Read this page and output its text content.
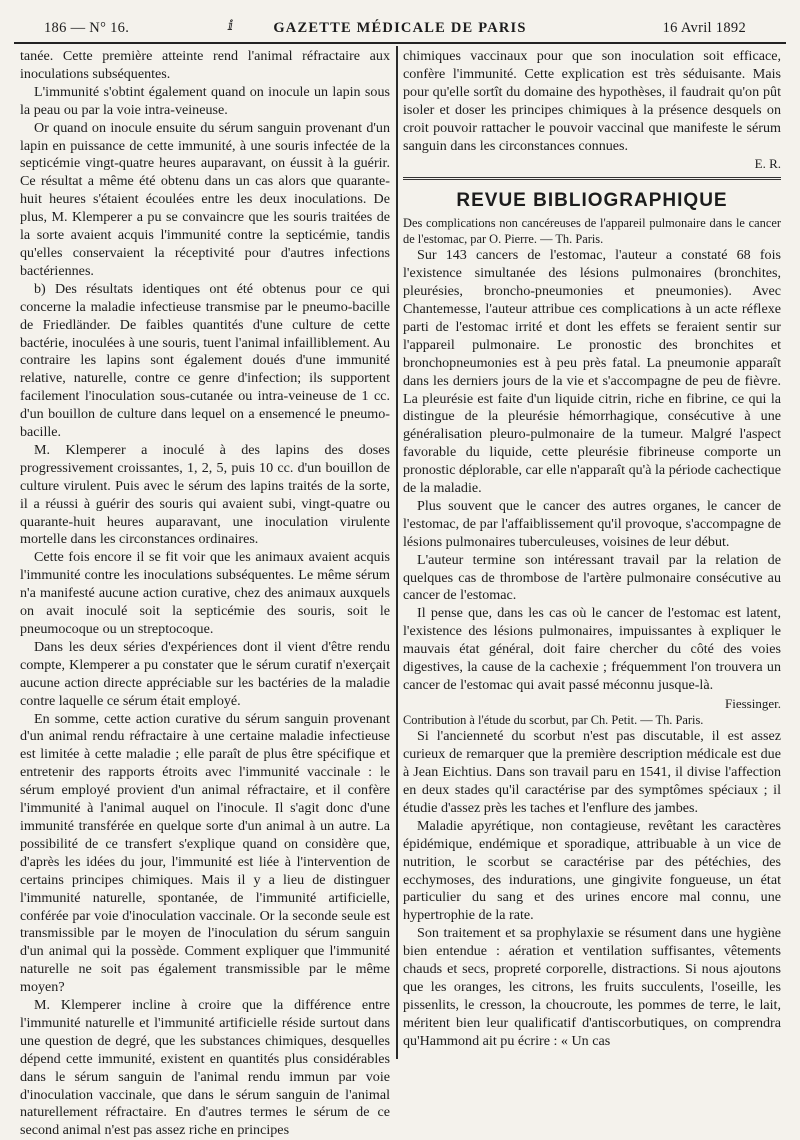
186 — N° 16.	ⅈ	GAZETTE MÉDICALE DE PARIS	16 Avril 1892

tanée. Cette première atteinte rend l'animal réfractaire aux inoculations subséquentes.

L'immunité s'obtint également quand on inocule un lapin sous la peau ou par la voie intra-veineuse.

Or quand on inocule ensuite du sérum sanguin provenant d'un lapin en puissance de cette immunité, à une souris infectée de la septicémie vingt-quatre heures auparavant, on éussit à la guérir. Ce résultat a même été obtenu dans un cas alors que quarante-huit heures s'étaient écoulées entre les deux inoculations. De plus, M. Klemperer a pu se convaincre que les souris traitées de la sorte avaient acquis l'immunité contre la septicémie, tandis qu'elles conservaient la réceptivité pour d'autres infections bactériennes.

b) Des résultats identiques ont été obtenus pour ce qui concerne la maladie infectieuse transmise par le pneumo-bacille de Friedländer. De faibles quantités d'une culture de cette bactérie, inoculées à une souris, tuent l'animal infailliblement. Au contraire les lapins sont également doués d'une immunité relative, naturelle, contre ce genre d'infection; ils supportent facilement l'inoculation sous-cutanée ou intra-veineuse de 1 cc. d'un bouillon de culture dans lequel on a ensemencé le pneumo-bacille.

M. Klemperer a inoculé à des lapins des doses progressivement croissantes, 1, 2, 5, puis 10 cc. d'un bouillon de culture virulent. Puis avec le sérum des lapins traités de la sorte, il a réussi à guérir des souris qui avaient subi, vingt-quatre ou quarante-huit heures auparavant, une inoculation virulente mortelle dans les circonstances ordinaires.

Cette fois encore il se fit voir que les animaux avaient acquis l'immunité contre les inoculations subséquentes. Le même sérum n'a manifesté aucune action curative, chez des animaux auxquels on avait inoculé soit la septicémie des souris, soit le pneumocoque ou un streptocoque.

Dans les deux séries d'expériences dont il vient d'être rendu compte, Klemperer a pu constater que le sérum curatif n'exerçait aucune action directe appréciable sur les bactéries de la maladie contre laquelle ce sérum était employé.

En somme, cette action curative du sérum sanguin provenant d'un animal rendu réfractaire à une certaine maladie infectieuse est limitée à cette maladie ; elle paraît de plus être spécifique et entretenir des rapports étroits avec l'immunité vaccinale : le sérum employé provient d'un animal réfractaire, et il confère l'immunité à l'animal auquel on l'inocule. Il s'agit donc d'une immunité transférée en quelque sorte d'un animal à un autre. La possibilité de ce transfert s'explique quand on considère que, d'après les idées du jour, l'immunité est liée à l'intervention de certains principes chimiques. Mais il y a lieu de distinguer l'immunité naturelle, spontanée, de l'immunité artificielle, conférée par voie d'inoculation vaccinale. Or la seconde seule est transmissible par le moyen de l'inoculation du sérum sanguin d'un animal qui la possède. Comment expliquer que l'immunité naturelle ne soit pas également transmissible par le même moyen?

M. Klemperer incline à croire que la différence entre l'immunité naturelle et l'immunité artificielle réside surtout dans une question de degré, que les substances chimiques, desquelles dépend cette immunité, existent en quantités plus considérables dans le sérum sanguin de l'animal rendu immun par voie d'inoculation vaccinale, que dans le sérum sanguin de l'animal naturellement réfractaire. En d'autres termes le sérum de ce second animal n'est pas assez riche en principes

chimiques vaccinaux pour que son inoculation soit efficace, confère l'immunité. Cette explication est très séduisante. Mais pour qu'elle sortît du domaine des hypothèses, il faudrait qu'on pût isoler et doser les principes chimiques à la présence desquels on croit pouvoir rattacher le pouvoir vaccinal que manifeste le sérum sanguin dans les circonstances connues.

E. R.

REVUE BIBLIOGRAPHIQUE

Des complications non cancéreuses de l'appareil pulmonaire dans le cancer de l'estomac, par O. Pierre. — Th. Paris.

Sur 143 cancers de l'estomac, l'auteur a constaté 68 fois l'existence simultanée des lésions pulmonaires (bronchites, pleurésies, broncho-pneumonies et pneumonies). Avec Chantemesse, l'auteur attribue ces complications à un acte réflexe parti de l'estomac irrité et dont les effets se feraient sentir sur l'appareil pulmonaire. Le pronostic des bronchites et bronchopneumonies est à peu près fatal. La pneumonie apparaît dans les derniers jours de la vie et s'accompagne de peu de fièvre. La pleurésie est faite d'un liquide citrin, riche en fibrine, ce qui la distingue de la pleurésie hémorrhagique, consécutive à une généralisation pleuro-pulmonaire de la tumeur. Malgré l'aspect favorable du liquide, cette pleurésie fibrineuse comporte un pronostic déplorable, car elle n'apparaît qu'à la période cachectique de la maladie.

Plus souvent que le cancer des autres organes, le cancer de l'estomac, de par l'affaiblissement qu'il provoque, s'accompagne de lésions pulmonaires tuberculeuses, voisines de leur début.

L'auteur termine son intéressant travail par la relation de quelques cas de thrombose de l'artère pulmonaire consécutive au cancer de l'estomac.

Il pense que, dans les cas où le cancer de l'estomac est latent, l'existence des lésions pulmonaires, impuissantes à expliquer le mauvais état général, doit faire chercher du côté des voies digestives, la cause de la cachexie ; fréquemment l'on trouvera un cancer de l'estomac qui avait passé méconnu jusque-là.

Fiessinger.

Contribution à l'étude du scorbut, par Ch. Petit. — Th. Paris.

Si l'ancienneté du scorbut n'est pas discutable, il est assez curieux de remarquer que la première description médicale est due à Jean Eichtius. Dans son travail paru en 1541, il divise l'affection en deux stades qu'il caractérise par des symptômes spéciaux ; il étudie d'assez près les taches et l'enflure des jambes.

Maladie apyrétique, non contagieuse, revêtant les caractères épidémique, endémique et sporadique, attribuable à un vice de nutrition, le scorbut se caractérise par des pétéchies, des ecchymoses, des indurations, une gingivite fongueuse, un état particulier du sang et des urines encore mal connu, une hypertrophie de la rate.

Son traitement et sa prophylaxie se résument dans une hygiène bien entendue : aération et ventilation suffisantes, vêtements chauds et secs, propreté corporelle, distractions. Si nous ajoutons que les oranges, les citrons, les fruits succulents, l'oseille, les pissenlits, le cresson, la choucroute, les pommes de terre, le lait, méritent bien leur qualificatif d'antiscorbutiques, on comprendra qu'Hammond ait pu écrire : « Un cas
